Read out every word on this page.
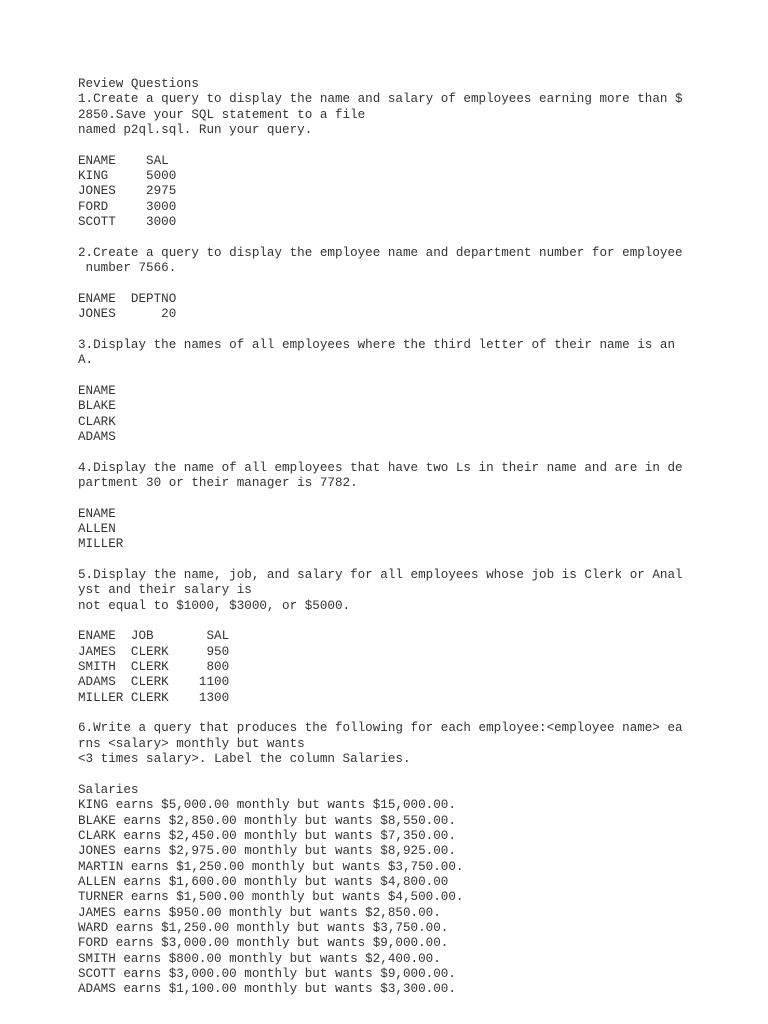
Review Questions
1.Create a query to display the name and salary of employees earning more than $
2850.Save your SQL statement to a file
named p2ql.sql. Run your query.

ENAME    SAL
KING     5000
JONES    2975
FORD     3000
SCOTT    3000

2.Create a query to display the employee name and department number for employee
number 7566.

ENAME  DEPTNO
JONES      20

3.Display the names of all employees where the third letter of their name is an
A.

ENAME
BLAKE
CLARK
ADAMS

4.Display the name of all employees that have two Ls in their name and are in de
partment 30 or their manager is 7782.

ENAME
ALLEN
MILLER

5.Display the name, job, and salary for all employees whose job is Clerk or Anal
yst and their salary is
not equal to $1000, $3000, or $5000.

ENAME  JOB       SAL
JAMES  CLERK     950
SMITH  CLERK     800
ADAMS  CLERK    1100
MILLER CLERK    1300

6.Write a query that produces the following for each employee:<employee name> ea
rns <salary> monthly but wants
<3 times salary>. Label the column Salaries.

Salaries
KING earns $5,000.00 monthly but wants $15,000.00.
BLAKE earns $2,850.00 monthly but wants $8,550.00.
CLARK earns $2,450.00 monthly but wants $7,350.00.
JONES earns $2,975.00 monthly but wants $8,925.00.
MARTIN earns $1,250.00 monthly but wants $3,750.00.
ALLEN earns $1,600.00 monthly but wants $4,800.00
TURNER earns $1,500.00 monthly but wants $4,500.00.
JAMES earns $950.00 monthly but wants $2,850.00.
WARD earns $1,250.00 monthly but wants $3,750.00.
FORD earns $3,000.00 monthly but wants $9,000.00.
SMITH earns $800.00 monthly but wants $2,400.00.
SCOTT earns $3,000.00 monthly but wants $9,000.00.
ADAMS earns $1,100.00 monthly but wants $3,300.00.
